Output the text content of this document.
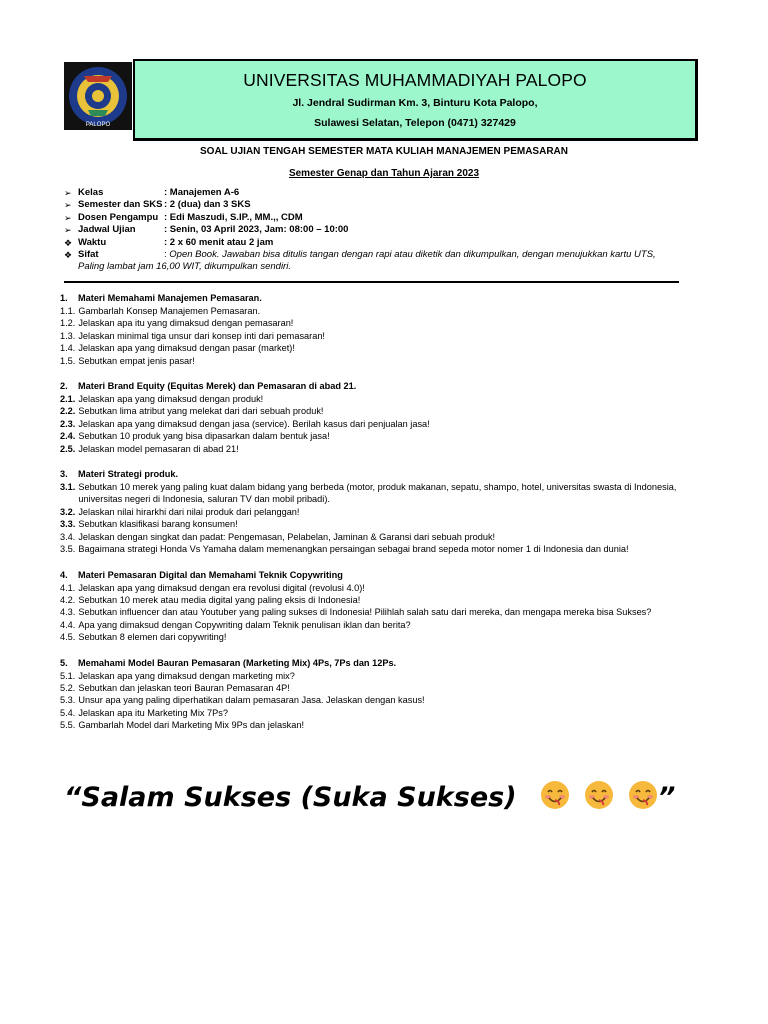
PALOPO
UNIVERSITAS MUHAMMADIYAH PALOPO
Jl. Jendral Sudirman Km. 3, Binturu Kota Palopo,
Sulawesi Selatan, Telepon (0471) 327429
SOAL UJIAN TENGAH SEMESTER MATA KULIAH MANAJEMEN PEMASARAN
Semester Genap dan Tahun Ajaran 2023
➢ Kelas	: Manajemen A-6
➢ Semester dan SKS : 2 (dua) dan 3 SKS
➢ Dosen Pengampu : Edi Maszudi, S.IP., MM.,, CDM
➢ Jadwal Ujian	: Senin, 03 April 2023, Jam: 08:00 – 10:00
❖ Waktu	: 2 x 60 menit atau 2 jam
❖ Sifat	: Open Book. Jawaban bisa ditulis tangan dengan rapi atau diketik dan dikumpulkan, dengan menujukkan kartu UTS,
Paling lambat jam 16,00 WIT, dikumpulkan sendiri.
1.	Materi Memahami Manajemen Pemasaran.
1.1. Gambarlah Konsep Manajemen Pemasaran.
1.2. Jelaskan apa itu yang dimaksud dengan pemasaran!
1.3. Jelaskan minimal tiga unsur dari konsep inti dari pemasaran!
1.4. Jelaskan apa yang dimaksud dengan pasar (market)!
1.5. Sebutkan empat jenis pasar!
2.	Materi Brand Equity (Equitas Merek) dan Pemasaran di abad 21.
2.1. Jelaskan apa yang dimaksud dengan produk!
2.2. Sebutkan lima atribut yang melekat dari dari sebuah produk!
2.3. Jelaskan apa yang dimaksud dengan jasa (service). Berilah kasus dari penjualan jasa!
2.4. Sebutkan 10 produk yang bisa dipasarkan dalam bentuk jasa!
2.5. Jelaskan model pemasaran di abad 21!
3.	Materi Strategi produk.
3.1. Sebutkan 10 merek yang paling kuat dalam bidang yang berbeda (motor, produk makanan, sepatu, shampo, hotel, universitas swasta di Indonesia, universitas negeri di Indonesia, saluran TV dan mobil pribadi).
3.2. Jelaskan nilai hirarkhi dari nilai produk dari pelanggan!
3.3. Sebutkan klasifikasi barang konsumen!
3.4. Jelaskan dengan singkat dan padat: Pengemasan, Pelabelan, Jaminan & Garansi dari sebuah produk!
3.5. Bagaimana strategi Honda Vs Yamaha dalam memenangkan persaingan sebagai brand sepeda motor nomer 1 di Indonesia dan dunia!
4.	Materi Pemasaran Digital dan Memahami Teknik Copywriting
4.1. Jelaskan apa yang dimaksud dengan era revolusi digital (revolusi 4.0)!
4.2. Sebutkan 10 merek atau media digital yang paling eksis di Indonesia!
4.3. Sebutkan influencer dan atau Youtuber yang paling sukses di Indonesia! Pilihlah salah satu dari mereka, dan mengapa mereka bisa Sukses?
4.4. Apa yang dimaksud dengan Copywriting dalam Teknik penulisan iklan dan berita?
4.5. Sebutkan 8 elemen dari copywriting!
5.	Memahami Model Bauran Pemasaran (Marketing Mix) 4Ps, 7Ps dan 12Ps.
5.1. Jelaskan apa yang dimaksud dengan marketing mix?
5.2. Sebutkan dan jelaskan teori Bauran Pemasaran 4P!
5.3. Unsur apa yang paling diperhatikan dalam pemasaran Jasa. Jelaskan dengan kasus!
5.4. Jelaskan apa itu Marketing Mix 7Ps?
5.5. Gambarlah Model dari Marketing Mix 9Ps dan jelaskan!
“Salam Sukses (Suka Sukses)	”
